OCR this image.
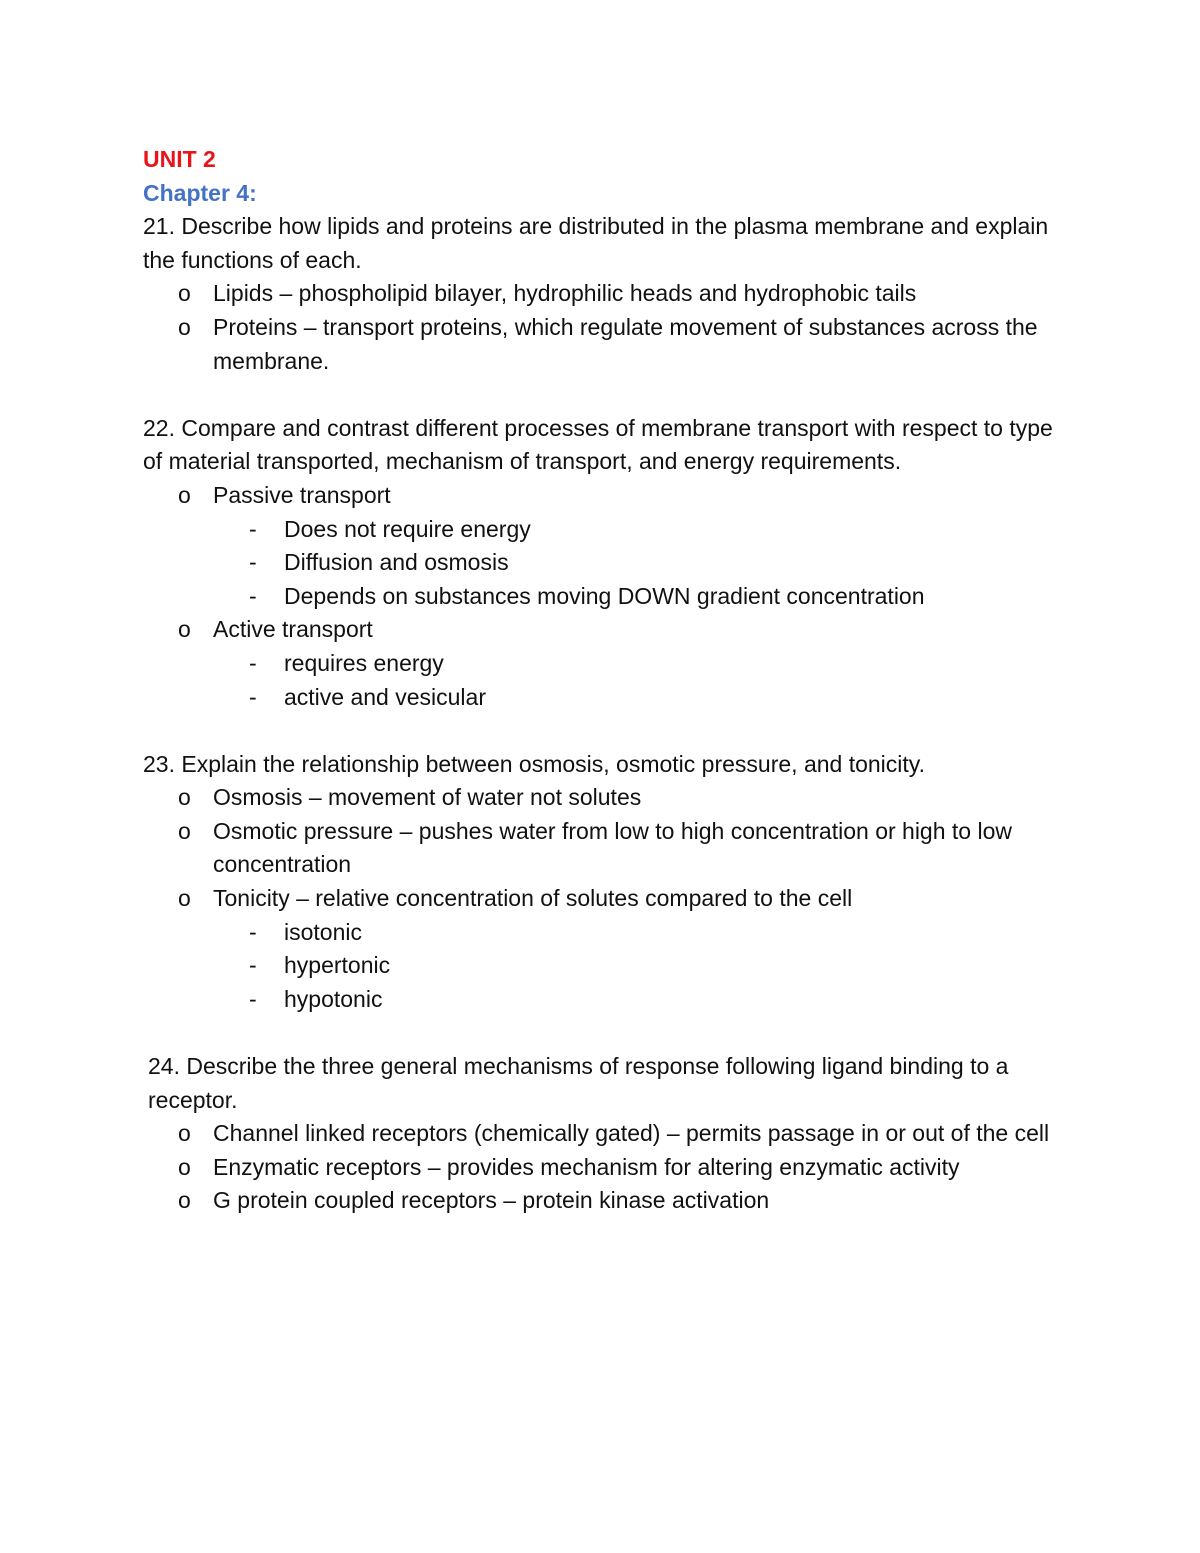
UNIT 2
Chapter 4:
21. Describe how lipids and proteins are distributed in the plasma membrane and explain the functions of each.
o Lipids – phospholipid bilayer, hydrophilic heads and hydrophobic tails
o Proteins – transport proteins, which regulate movement of substances across the membrane.
22. Compare and contrast different processes of membrane transport with respect to type of material transported, mechanism of transport, and energy requirements.
o Passive transport
-	Does not require energy
-	Diffusion and osmosis
-	Depends on substances moving DOWN gradient concentration
o Active transport
-	requires energy
-	active and vesicular
23. Explain the relationship between osmosis, osmotic pressure, and tonicity.
o Osmosis – movement of water not solutes
o Osmotic pressure – pushes water from low to high concentration or high to low concentration
o Tonicity – relative concentration of solutes compared to the cell
-	isotonic
-	hypertonic
-	hypotonic
24. Describe the three general mechanisms of response following ligand binding to a receptor.
o Channel linked receptors (chemically gated) – permits passage in or out of the cell
o Enzymatic receptors – provides mechanism for altering enzymatic activity
o G protein coupled receptors – protein kinase activation
